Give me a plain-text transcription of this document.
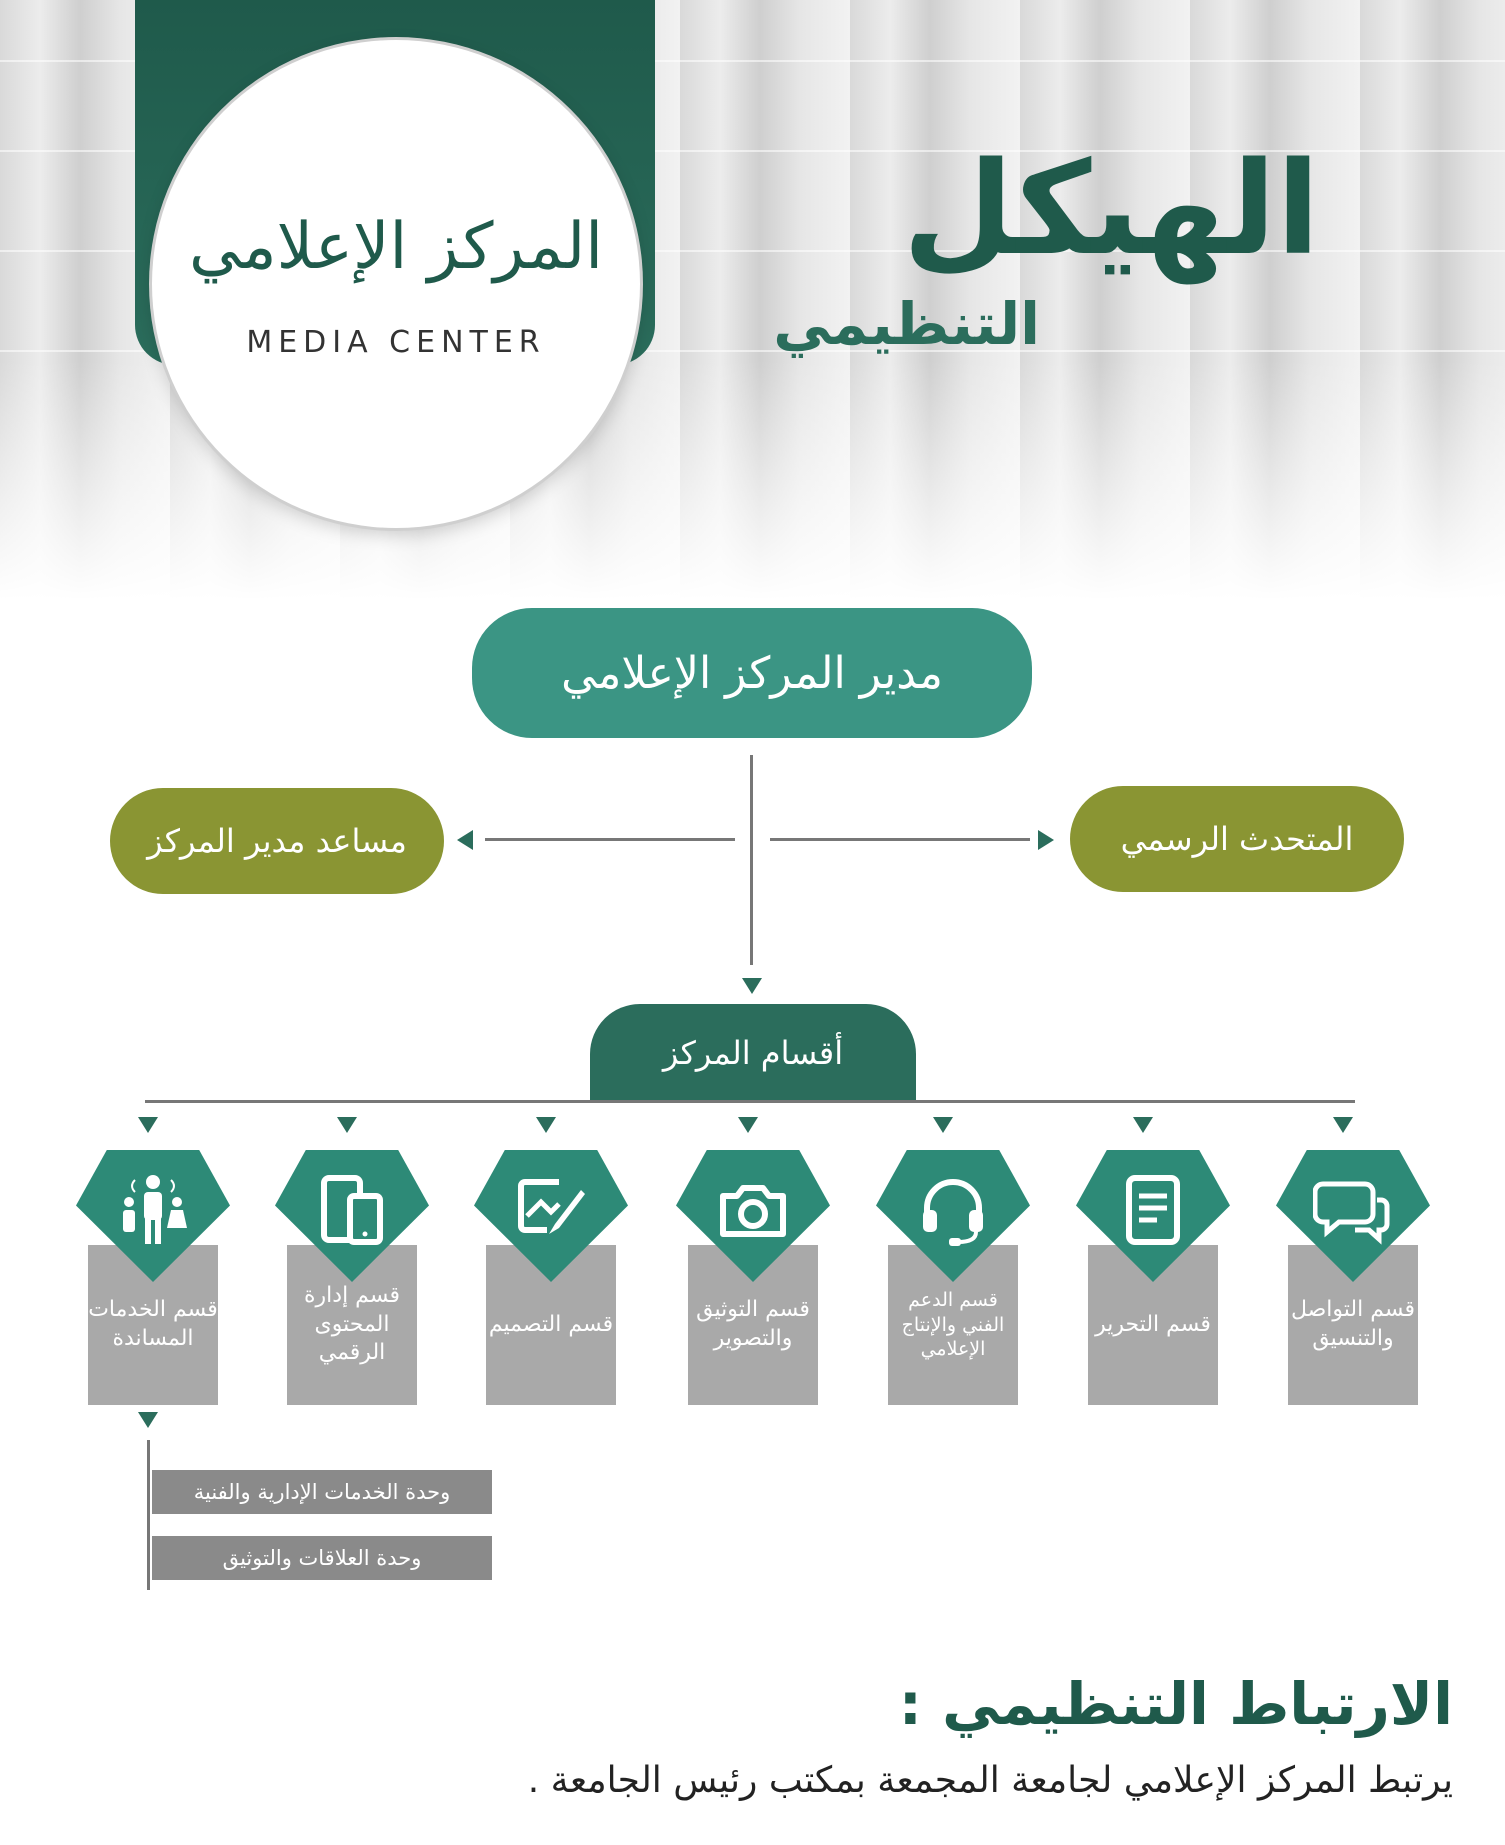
المركز الإعلامي
MEDIA CENTER
الهيكل
التنظيمي
مدير المركز الإعلامي
مساعد مدير المركز	المتحدث الرسمي
أقسام المركز
قسم التواصل والتنسيق
قسم التحرير
قسم الدعم الفني والإنتاج الإعلامي
قسم التوثيق والتصوير
قسم التصميم
قسم إدارة المحتوى الرقمي
قسم الخدمات المساندة
وحدة الخدمات الإدارية والفنية
وحدة العلاقات والتوثيق
الارتباط التنظيمي :
يرتبط المركز الإعلامي لجامعة المجمعة بمكتب رئيس الجامعة .
